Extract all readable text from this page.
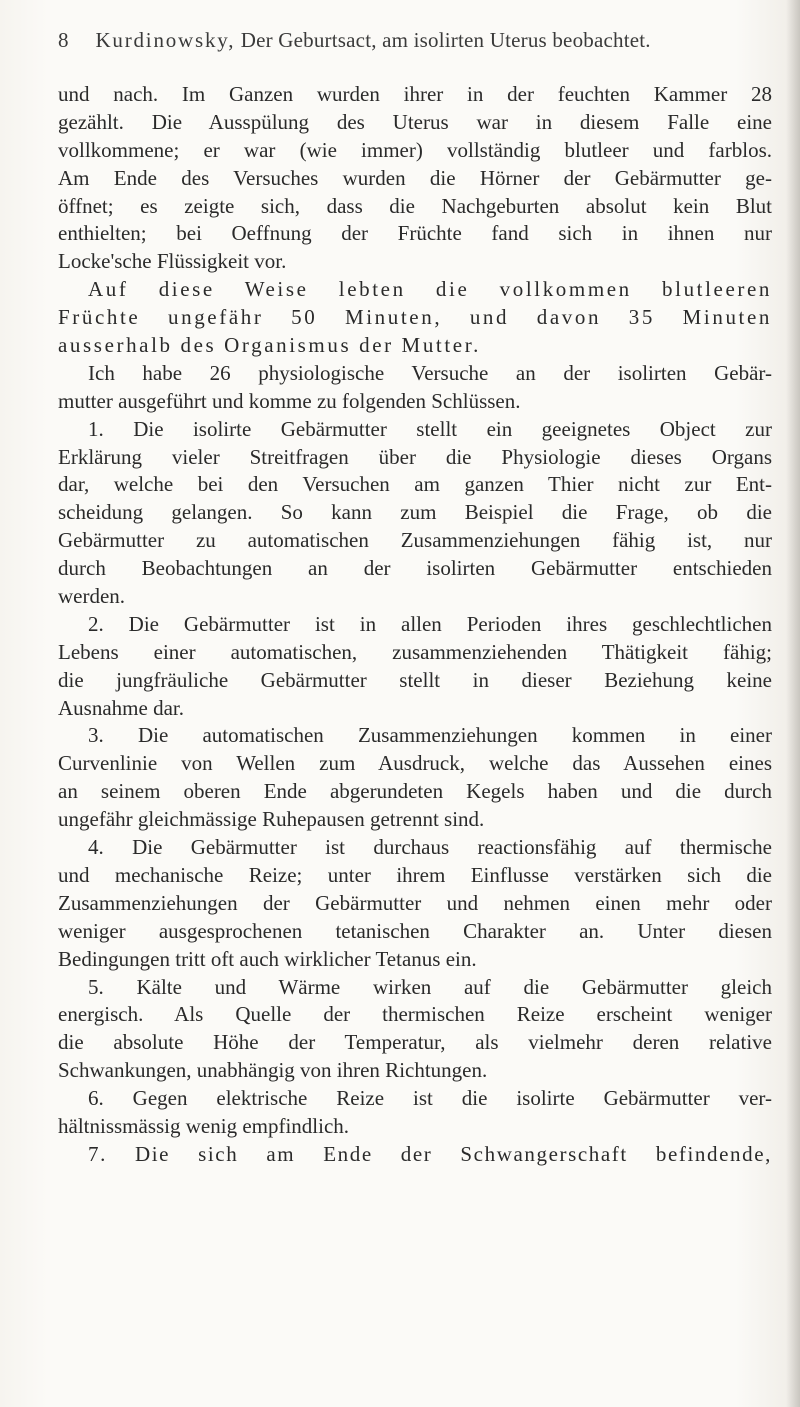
8 Kurdinowsky, Der Geburtsact, am isolirten Uterus beobachtet.
und nach. Im Ganzen wurden ihrer in der feuchten Kammer 28
gezählt. Die Ausspülung des Uterus war in diesem Falle eine
vollkommene; er war (wie immer) vollständig blutleer und farblos.
Am Ende des Versuches wurden die Hörner der Gebärmutter ge-
öffnet; es zeigte sich, dass die Nachgeburten absolut kein Blut
enthielten; bei Oeffnung der Früchte fand sich in ihnen nur
Locke'sche Flüssigkeit vor.
Auf diese Weise lebten die vollkommen blutleeren
Früchte ungefähr 50 Minuten, und davon 35 Minuten
ausserhalb des Organismus der Mutter.
Ich habe 26 physiologische Versuche an der isolirten Gebär-
mutter ausgeführt und komme zu folgenden Schlüssen.
1. Die isolirte Gebärmutter stellt ein geeignetes Object zur
Erklärung vieler Streitfragen über die Physiologie dieses Organs
dar, welche bei den Versuchen am ganzen Thier nicht zur Ent-
scheidung gelangen. So kann zum Beispiel die Frage, ob die
Gebärmutter zu automatischen Zusammenziehungen fähig ist, nur
durch Beobachtungen an der isolirten Gebärmutter entschieden
werden.
2. Die Gebärmutter ist in allen Perioden ihres geschlechtlichen
Lebens einer automatischen, zusammenziehenden Thätigkeit fähig;
die jungfräuliche Gebärmutter stellt in dieser Beziehung keine
Ausnahme dar.
3. Die automatischen Zusammenziehungen kommen in einer
Curvenlinie von Wellen zum Ausdruck, welche das Aussehen eines
an seinem oberen Ende abgerundeten Kegels haben und die durch
ungefähr gleichmässige Ruhepausen getrennt sind.
4. Die Gebärmutter ist durchaus reactionsfähig auf thermische
und mechanische Reize; unter ihrem Einflusse verstärken sich die
Zusammenziehungen der Gebärmutter und nehmen einen mehr oder
weniger ausgesprochenen tetanischen Charakter an. Unter diesen
Bedingungen tritt oft auch wirklicher Tetanus ein.
5. Kälte und Wärme wirken auf die Gebärmutter gleich
energisch. Als Quelle der thermischen Reize erscheint weniger
die absolute Höhe der Temperatur, als vielmehr deren relative
Schwankungen, unabhängig von ihren Richtungen.
6. Gegen elektrische Reize ist die isolirte Gebärmutter ver-
hältnissmässig wenig empfindlich.
7. Die sich am Ende der Schwangerschaft befindende,
